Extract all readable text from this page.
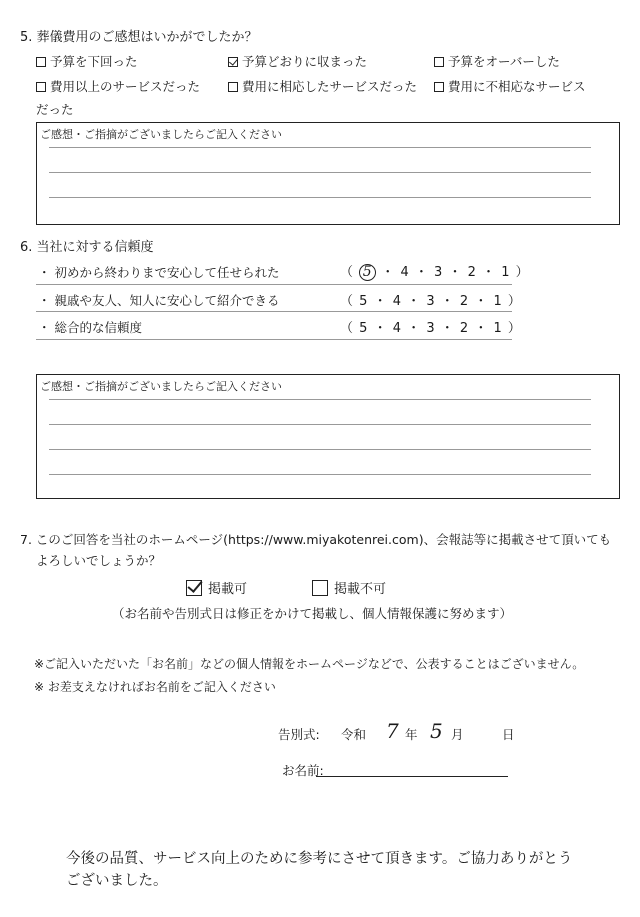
5. 葬儀費用のご感想はいかがでしたか？
予算を下回った	予算どおりに収まった	予算をオーバーした
費用以上のサービスだった	費用に相応したサービスだった	費用に不相応なサービス
だった
ご感想・ご指摘がございましたらご記入ください
6. 当社に対する信頼度
・ 初めから終わりまで安心して任せられた	（ 5 ・ 4 ・ 3 ・ 2 ・ 1 ）
・ 親戚や友人、知人に安心して紹介できる	（ 5 ・ 4 ・ 3 ・ 2 ・ 1 ）
・ 総合的な信頼度	（ 5 ・ 4 ・ 3 ・ 2 ・ 1 ）
ご感想・ご指摘がございましたらご記入ください
7. このご回答を当社のホームページ(https://www.miyakotenrei.com)、会報誌等に掲載させて頂いても
よろしいでしょうか？
掲載可	掲載不可
（お名前や告別式日は修正をかけて掲載し、個人情報保護に努めます）
※ご記入いただいた「お名前」などの個人情報をホームページなどで、公表することはございません。
※ お差支えなければお名前をご記入ください
告別式: 令和 7 年 5 月	日
お名前:
今後の品質、サービス向上のために参考にさせて頂きます。ご協力ありがとう
ございました。
